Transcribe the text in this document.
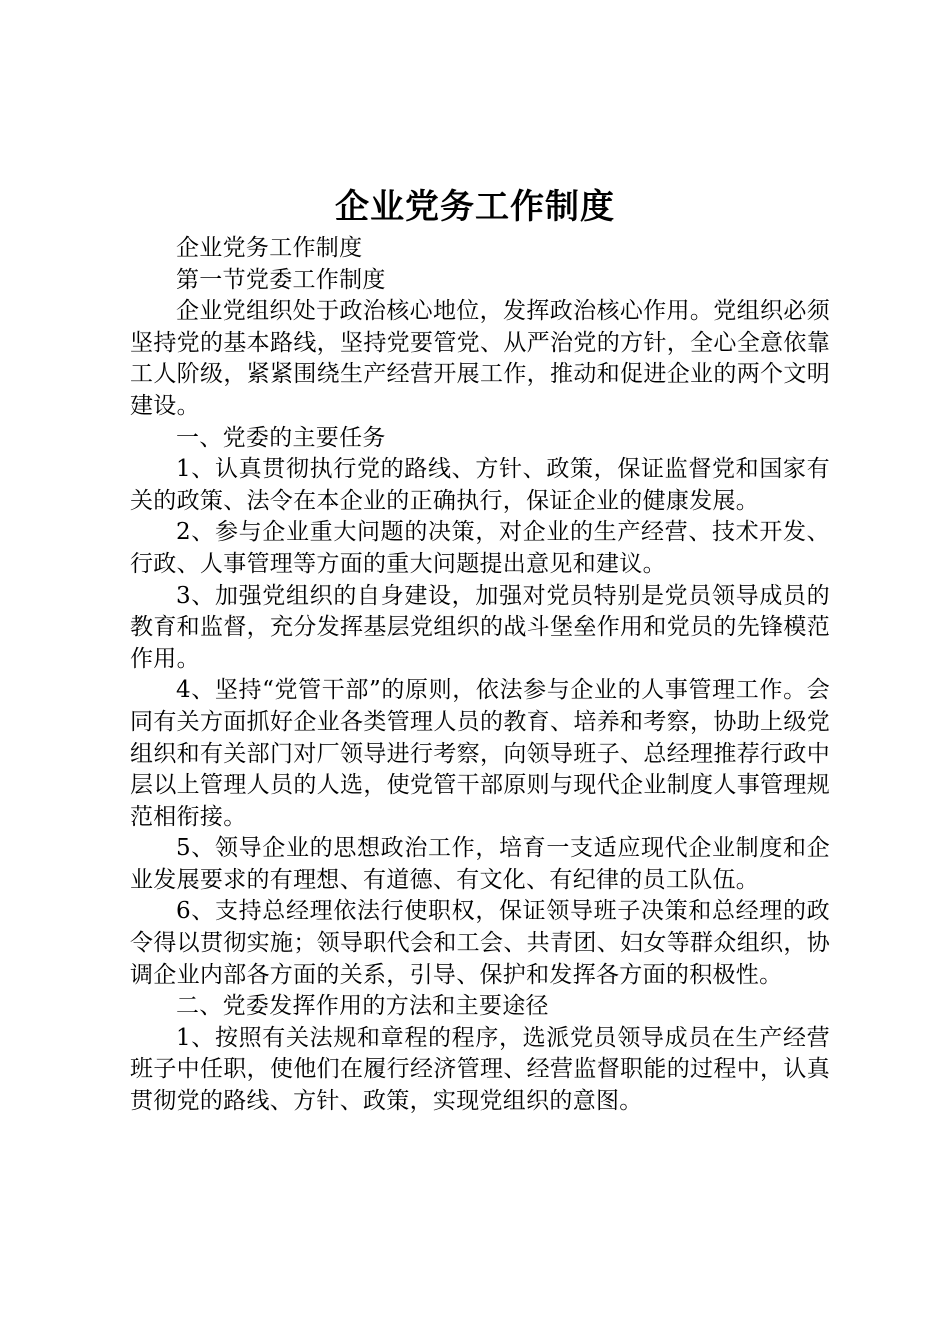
企业党务工作制度

企业党务工作制度

第一节党委工作制度

企业党组织处于政治核心地位，发挥政治核心作用。党组织必须坚持党的基本路线，坚持党要管党、从严治党的方针，全心全意依靠工人阶级，紧紧围绕生产经营开展工作，推动和促进企业的两个文明建设。

一、党委的主要任务

1、认真贯彻执行党的路线、方针、政策，保证监督党和国家有关的政策、法令在本企业的正确执行，保证企业的健康发展。

2、参与企业重大问题的决策，对企业的生产经营、技术开发、行政、人事管理等方面的重大问题提出意见和建议。

3、加强党组织的自身建设，加强对党员特别是党员领导成员的教育和监督，充分发挥基层党组织的战斗堡垒作用和党员的先锋模范作用。

4、坚持“党管干部”的原则，依法参与企业的人事管理工作。会同有关方面抓好企业各类管理人员的教育、培养和考察，协助上级党组织和有关部门对厂领导进行考察，向领导班子、总经理推荐行政中层以上管理人员的人选，使党管干部原则与现代企业制度人事管理规范相衔接。

5、领导企业的思想政治工作，培育一支适应现代企业制度和企业发展要求的有理想、有道德、有文化、有纪律的员工队伍。

6、支持总经理依法行使职权，保证领导班子决策和总经理的政令得以贯彻实施；领导职代会和工会、共青团、妇女等群众组织，协调企业内部各方面的关系，引导、保护和发挥各方面的积极性。

二、党委发挥作用的方法和主要途径

1、按照有关法规和章程的程序，选派党员领导成员在生产经营班子中任职，使他们在履行经济管理、经营监督职能的过程中，认真贯彻党的路线、方针、政策，实现党组织的意图。
